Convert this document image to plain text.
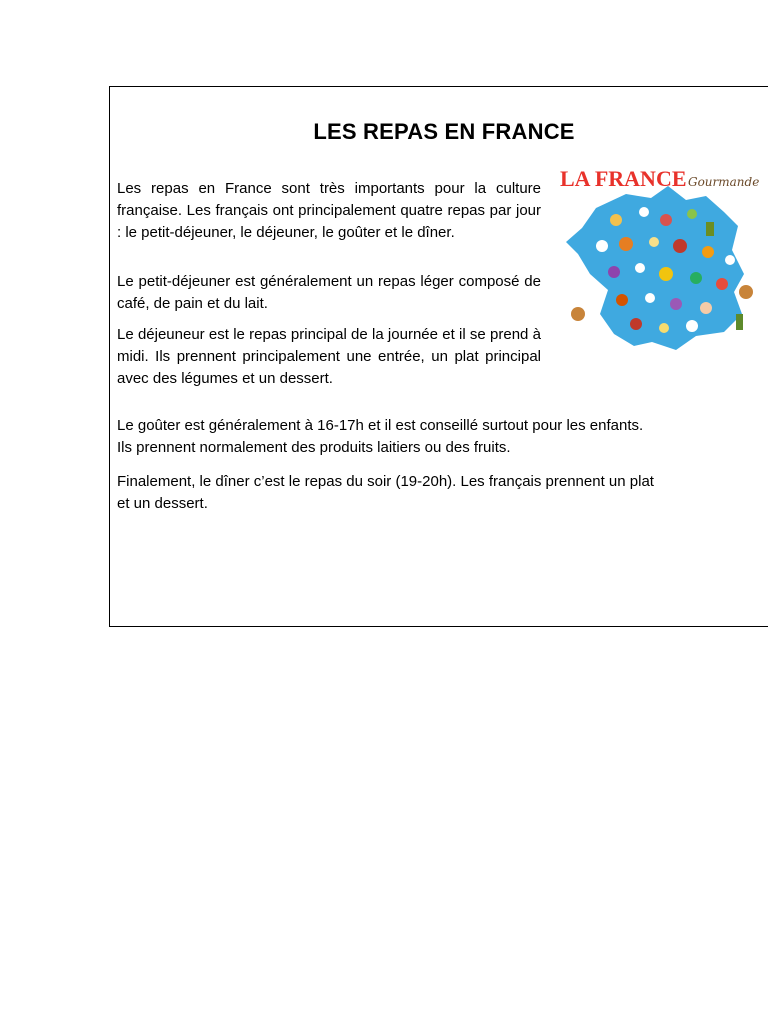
LES REPAS EN FRANCE

Les repas en France sont très importants pour la culture française. Les français ont principalement quatre repas par jour : le petit-déjeuner, le déjeuner, le goûter et le dîner.

Le petit-déjeuner est généralement un repas léger composé de café, de pain et du lait.

Le déjeuneur est le repas principal de la journée et il se prend à midi. Ils prennent principalement une entrée, un plat principal avec des légumes et un dessert.

Le goûter est généralement à 16-17h et il est conseillé surtout pour les enfants.
Ils prennent normalement des produits laitiers ou des fruits.
Finalement, le dîner c’est le repas du soir (19-20h). Les français prennent un plat
et un dessert.
LA FRANCE Gourmande
